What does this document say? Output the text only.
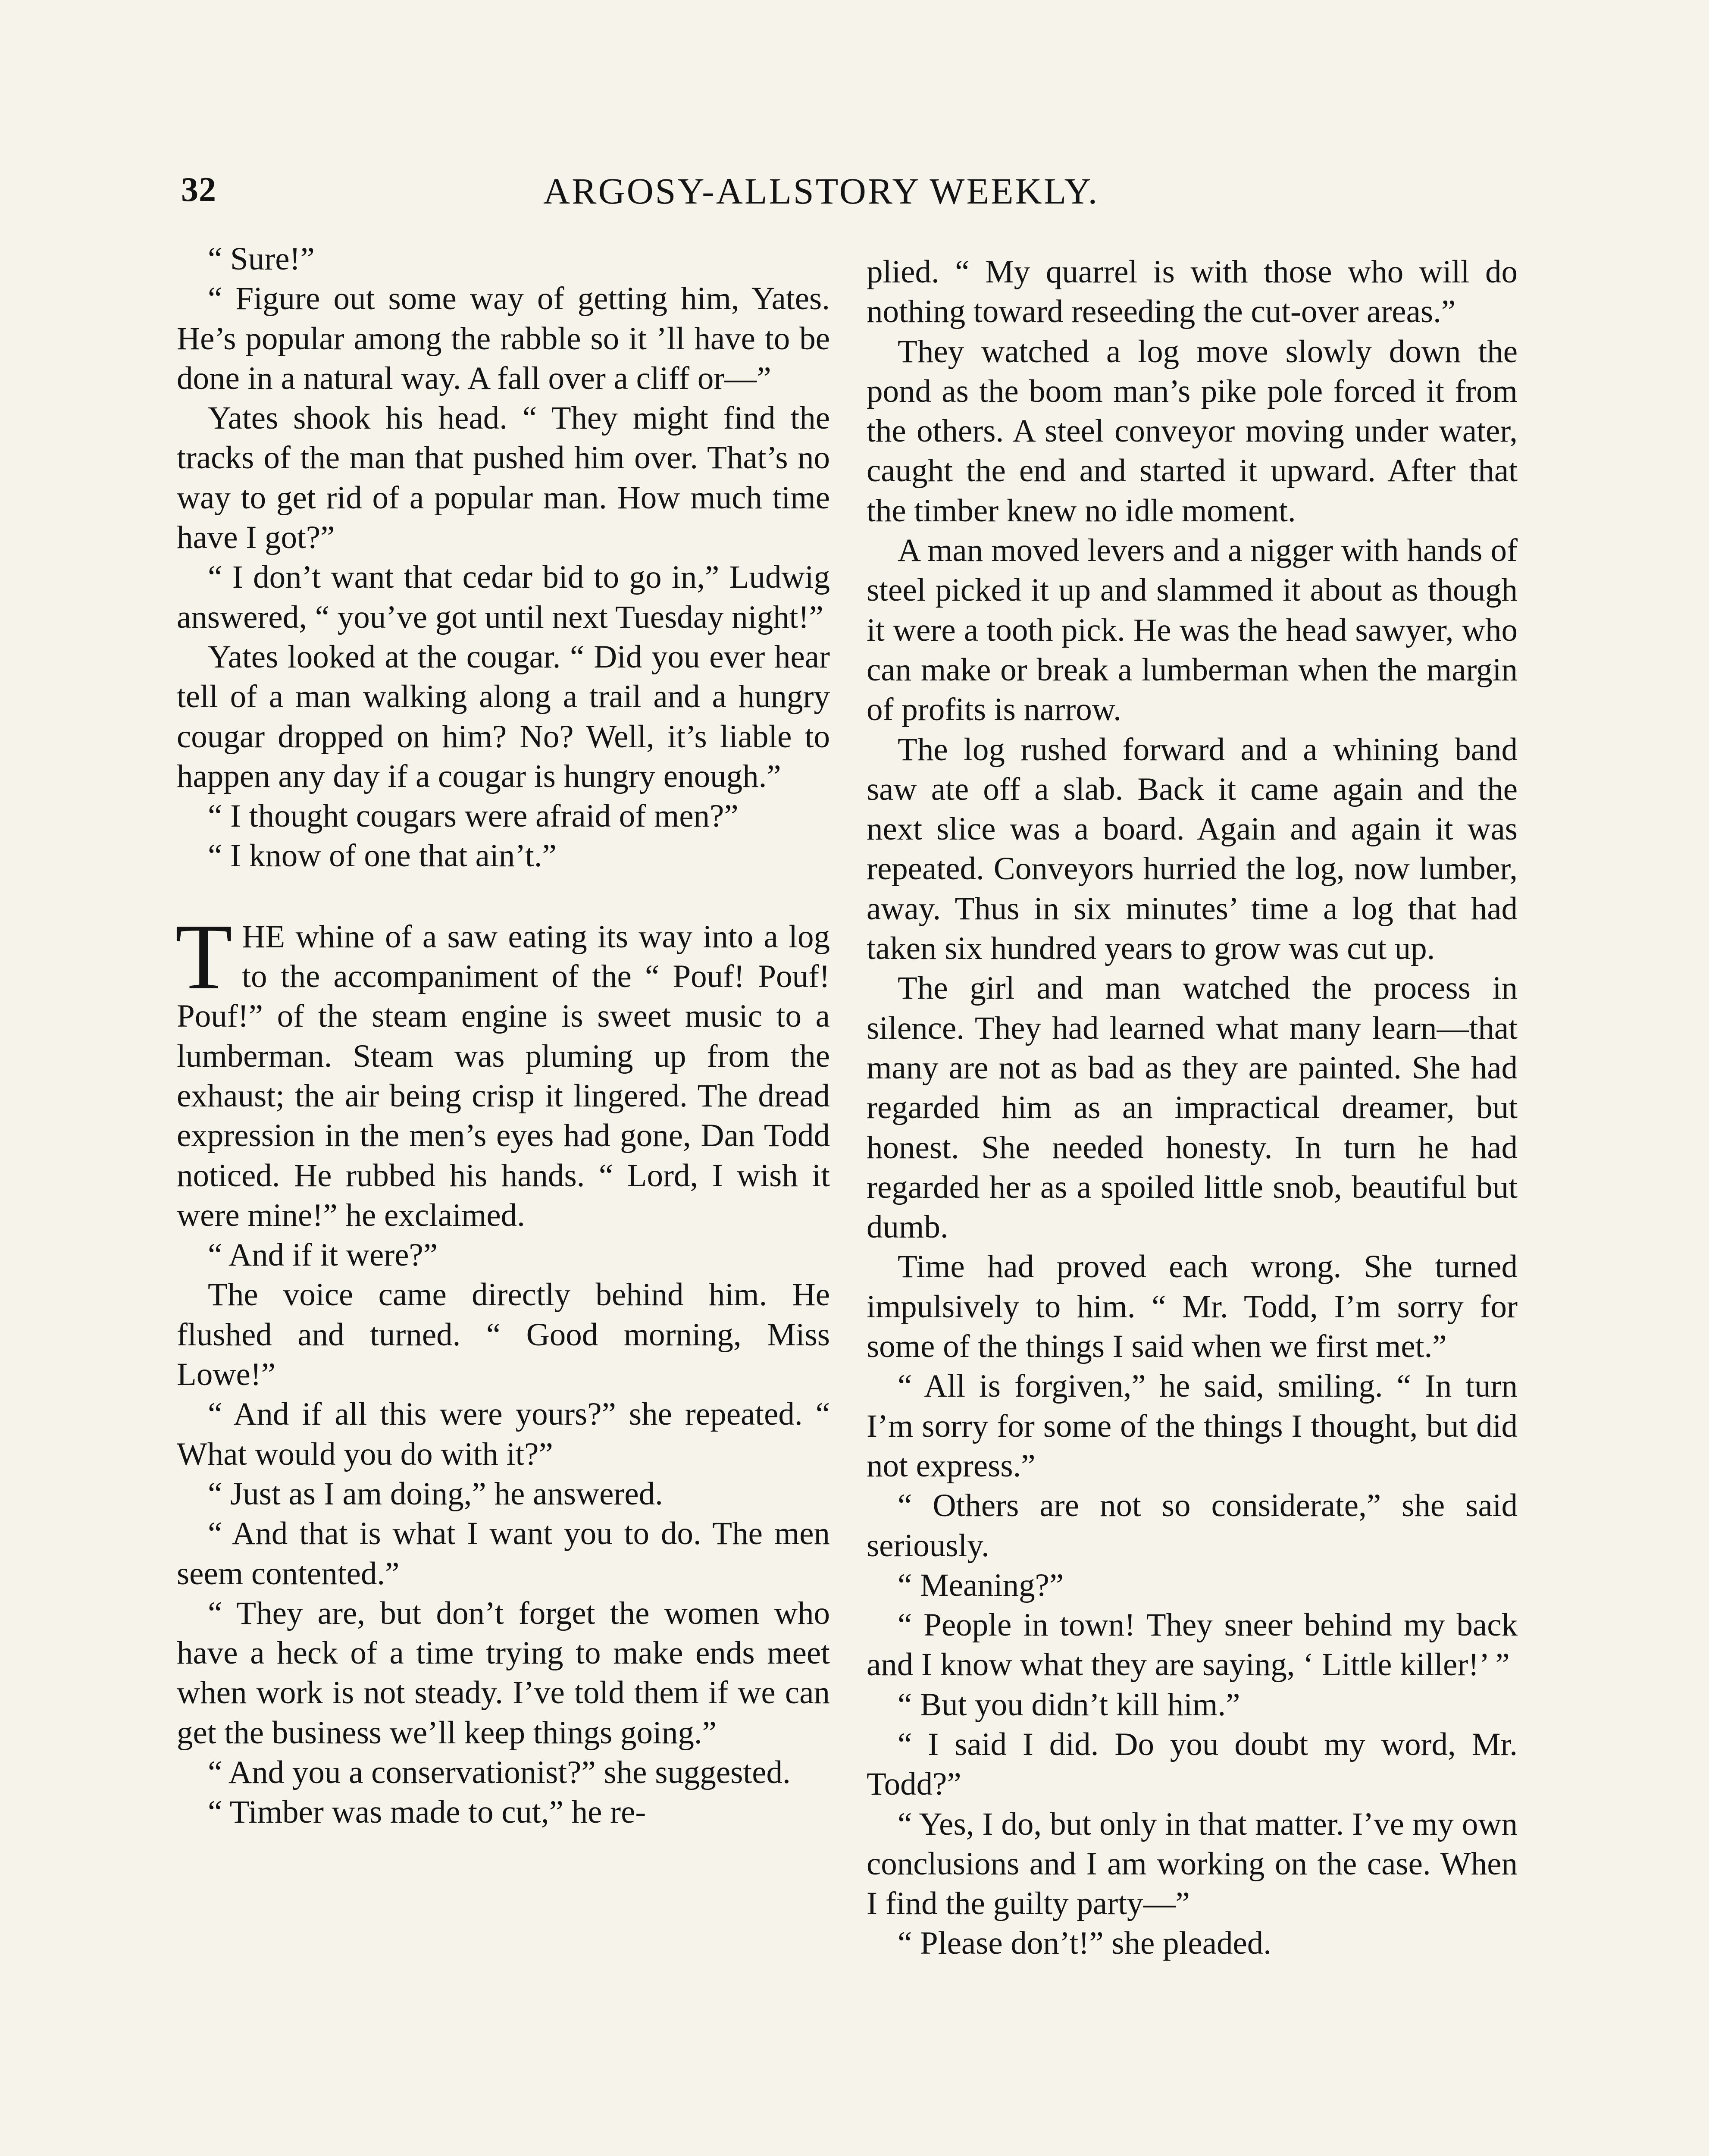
32	ARGOSY-ALLSTORY WEEKLY.

“ Sure!”

“ Figure out some way of getting him, Yates. He’s popular among the rabble so it ’ll have to be done in a natural way. A fall over a cliff or—”

Yates shook his head. “ They might find the tracks of the man that pushed him over. That’s no way to get rid of a popular man. How much time have I got?”

“ I don’t want that cedar bid to go in,” Ludwig answered, “ you’ve got until next Tuesday night!”

Yates looked at the cougar. “ Did you ever hear tell of a man walking along a trail and a hungry cougar dropped on him? No? Well, it’s liable to happen any day if a cougar is hungry enough.”

“ I thought cougars were afraid of men?”

“ I know of one that ain’t.”

THE whine of a saw eating its way into a log to the accompaniment of the “ Pouf! Pouf! Pouf!” of the steam engine is sweet music to a lumberman. Steam was pluming up from the exhaust; the air being crisp it lingered. The dread expression in the men’s eyes had gone, Dan Todd noticed. He rubbed his hands. “ Lord, I wish it were mine!” he exclaimed.

“ And if it were?”

The voice came directly behind him. He flushed and turned. “ Good morning, Miss Lowe!”

“ And if all this were yours?” she repeated. “ What would you do with it?”

“ Just as I am doing,” he answered.

“ And that is what I want you to do. The men seem contented.”

“ They are, but don’t forget the women who have a heck of a time trying to make ends meet when work is not steady. I’ve told them if we can get the business we’ll keep things going.”

“ And you a conservationist?” she suggested.

“ Timber was made to cut,” he re-

plied. “ My quarrel is with those who will do nothing toward reseeding the cut-over areas.”

They watched a log move slowly down the pond as the boom man’s pike pole forced it from the others. A steel conveyor moving under water, caught the end and started it upward. After that the timber knew no idle moment.

A man moved levers and a nigger with hands of steel picked it up and slammed it about as though it were a tooth pick. He was the head sawyer, who can make or break a lumberman when the margin of profits is narrow.

The log rushed forward and a whining band saw ate off a slab. Back it came again and the next slice was a board. Again and again it was repeated. Conveyors hurried the log, now lumber, away. Thus in six minutes’ time a log that had taken six hundred years to grow was cut up.

The girl and man watched the process in silence. They had learned what many learn—that many are not as bad as they are painted. She had regarded him as an impractical dreamer, but honest. She needed honesty. In turn he had regarded her as a spoiled little snob, beautiful but dumb.

Time had proved each wrong. She turned impulsively to him. “ Mr. Todd, I’m sorry for some of the things I said when we first met.”

“ All is forgiven,” he said, smiling. “ In turn I’m sorry for some of the things I thought, but did not express.”

“ Others are not so considerate,” she said seriously.

“ Meaning?”

“ People in town! They sneer behind my back and I know what they are saying, ‘ Little killer!’ ”

“ But you didn’t kill him.”

“ I said I did. Do you doubt my word, Mr. Todd?”

“ Yes, I do, but only in that matter. I’ve my own conclusions and I am working on the case. When I find the guilty party—”

“ Please don’t!” she pleaded.
